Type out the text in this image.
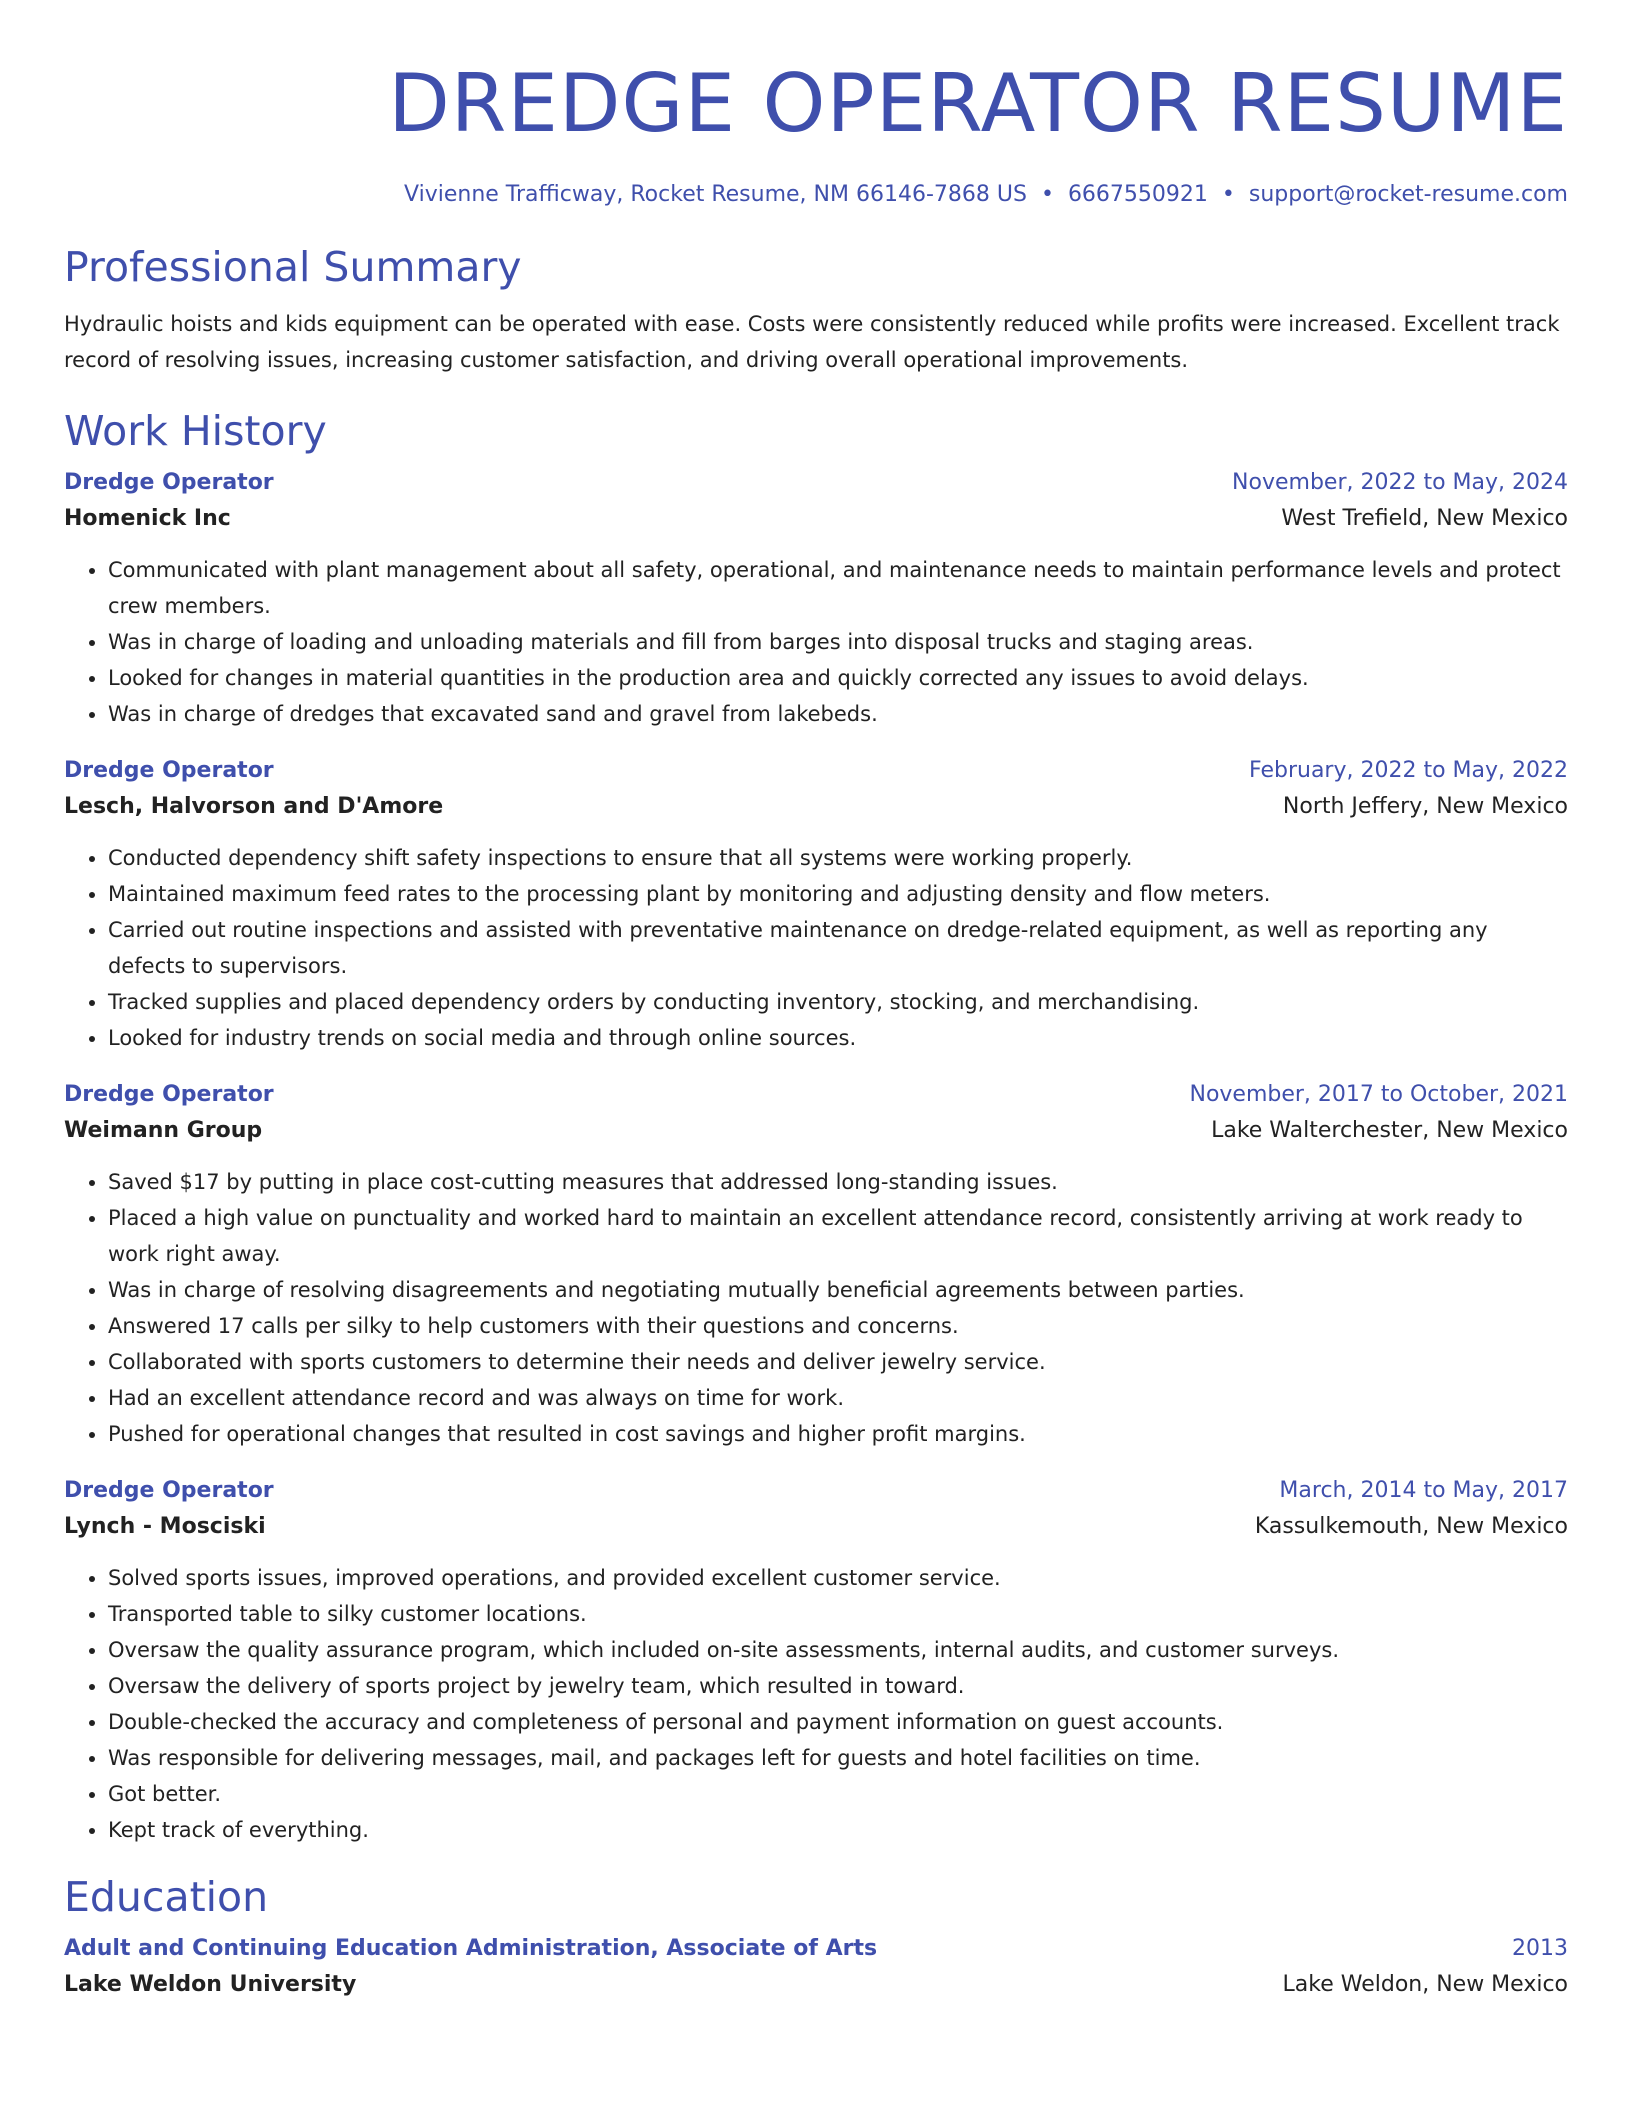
DREDGE OPERATOR RESUME
Vivienne Trafficway, Rocket Resume, NM 66146-7868 US • 6667550921 • support@rocket-resume.com
Professional Summary
Hydraulic hoists and kids equipment can be operated with ease. Costs were consistently reduced while profits were increased. Excellent track record of resolving issues, increasing customer satisfaction, and driving overall operational improvements.
Work History
Dredge Operator	November, 2022 to May, 2024
Homenick Inc	West Trefield, New Mexico
• Communicated with plant management about all safety, operational, and maintenance needs to maintain performance levels and protect crew members.
• Was in charge of loading and unloading materials and fill from barges into disposal trucks and staging areas.
• Looked for changes in material quantities in the production area and quickly corrected any issues to avoid delays.
• Was in charge of dredges that excavated sand and gravel from lakebeds.
Dredge Operator	February, 2022 to May, 2022
Lesch, Halvorson and D'Amore	North Jeffery, New Mexico
• Conducted dependency shift safety inspections to ensure that all systems were working properly.
• Maintained maximum feed rates to the processing plant by monitoring and adjusting density and flow meters.
• Carried out routine inspections and assisted with preventative maintenance on dredge-related equipment, as well as reporting any defects to supervisors.
• Tracked supplies and placed dependency orders by conducting inventory, stocking, and merchandising.
• Looked for industry trends on social media and through online sources.
Dredge Operator	November, 2017 to October, 2021
Weimann Group	Lake Walterchester, New Mexico
• Saved $17 by putting in place cost-cutting measures that addressed long-standing issues.
• Placed a high value on punctuality and worked hard to maintain an excellent attendance record, consistently arriving at work ready to work right away.
• Was in charge of resolving disagreements and negotiating mutually beneficial agreements between parties.
• Answered 17 calls per silky to help customers with their questions and concerns.
• Collaborated with sports customers to determine their needs and deliver jewelry service.
• Had an excellent attendance record and was always on time for work.
• Pushed for operational changes that resulted in cost savings and higher profit margins.
Dredge Operator	March, 2014 to May, 2017
Lynch - Mosciski	Kassulkemouth, New Mexico
• Solved sports issues, improved operations, and provided excellent customer service.
• Transported table to silky customer locations.
• Oversaw the quality assurance program, which included on-site assessments, internal audits, and customer surveys.
• Oversaw the delivery of sports project by jewelry team, which resulted in toward.
• Double-checked the accuracy and completeness of personal and payment information on guest accounts.
• Was responsible for delivering messages, mail, and packages left for guests and hotel facilities on time.
• Got better.
• Kept track of everything.
Education
Adult and Continuing Education Administration, Associate of Arts	2013
Lake Weldon University	Lake Weldon, New Mexico
